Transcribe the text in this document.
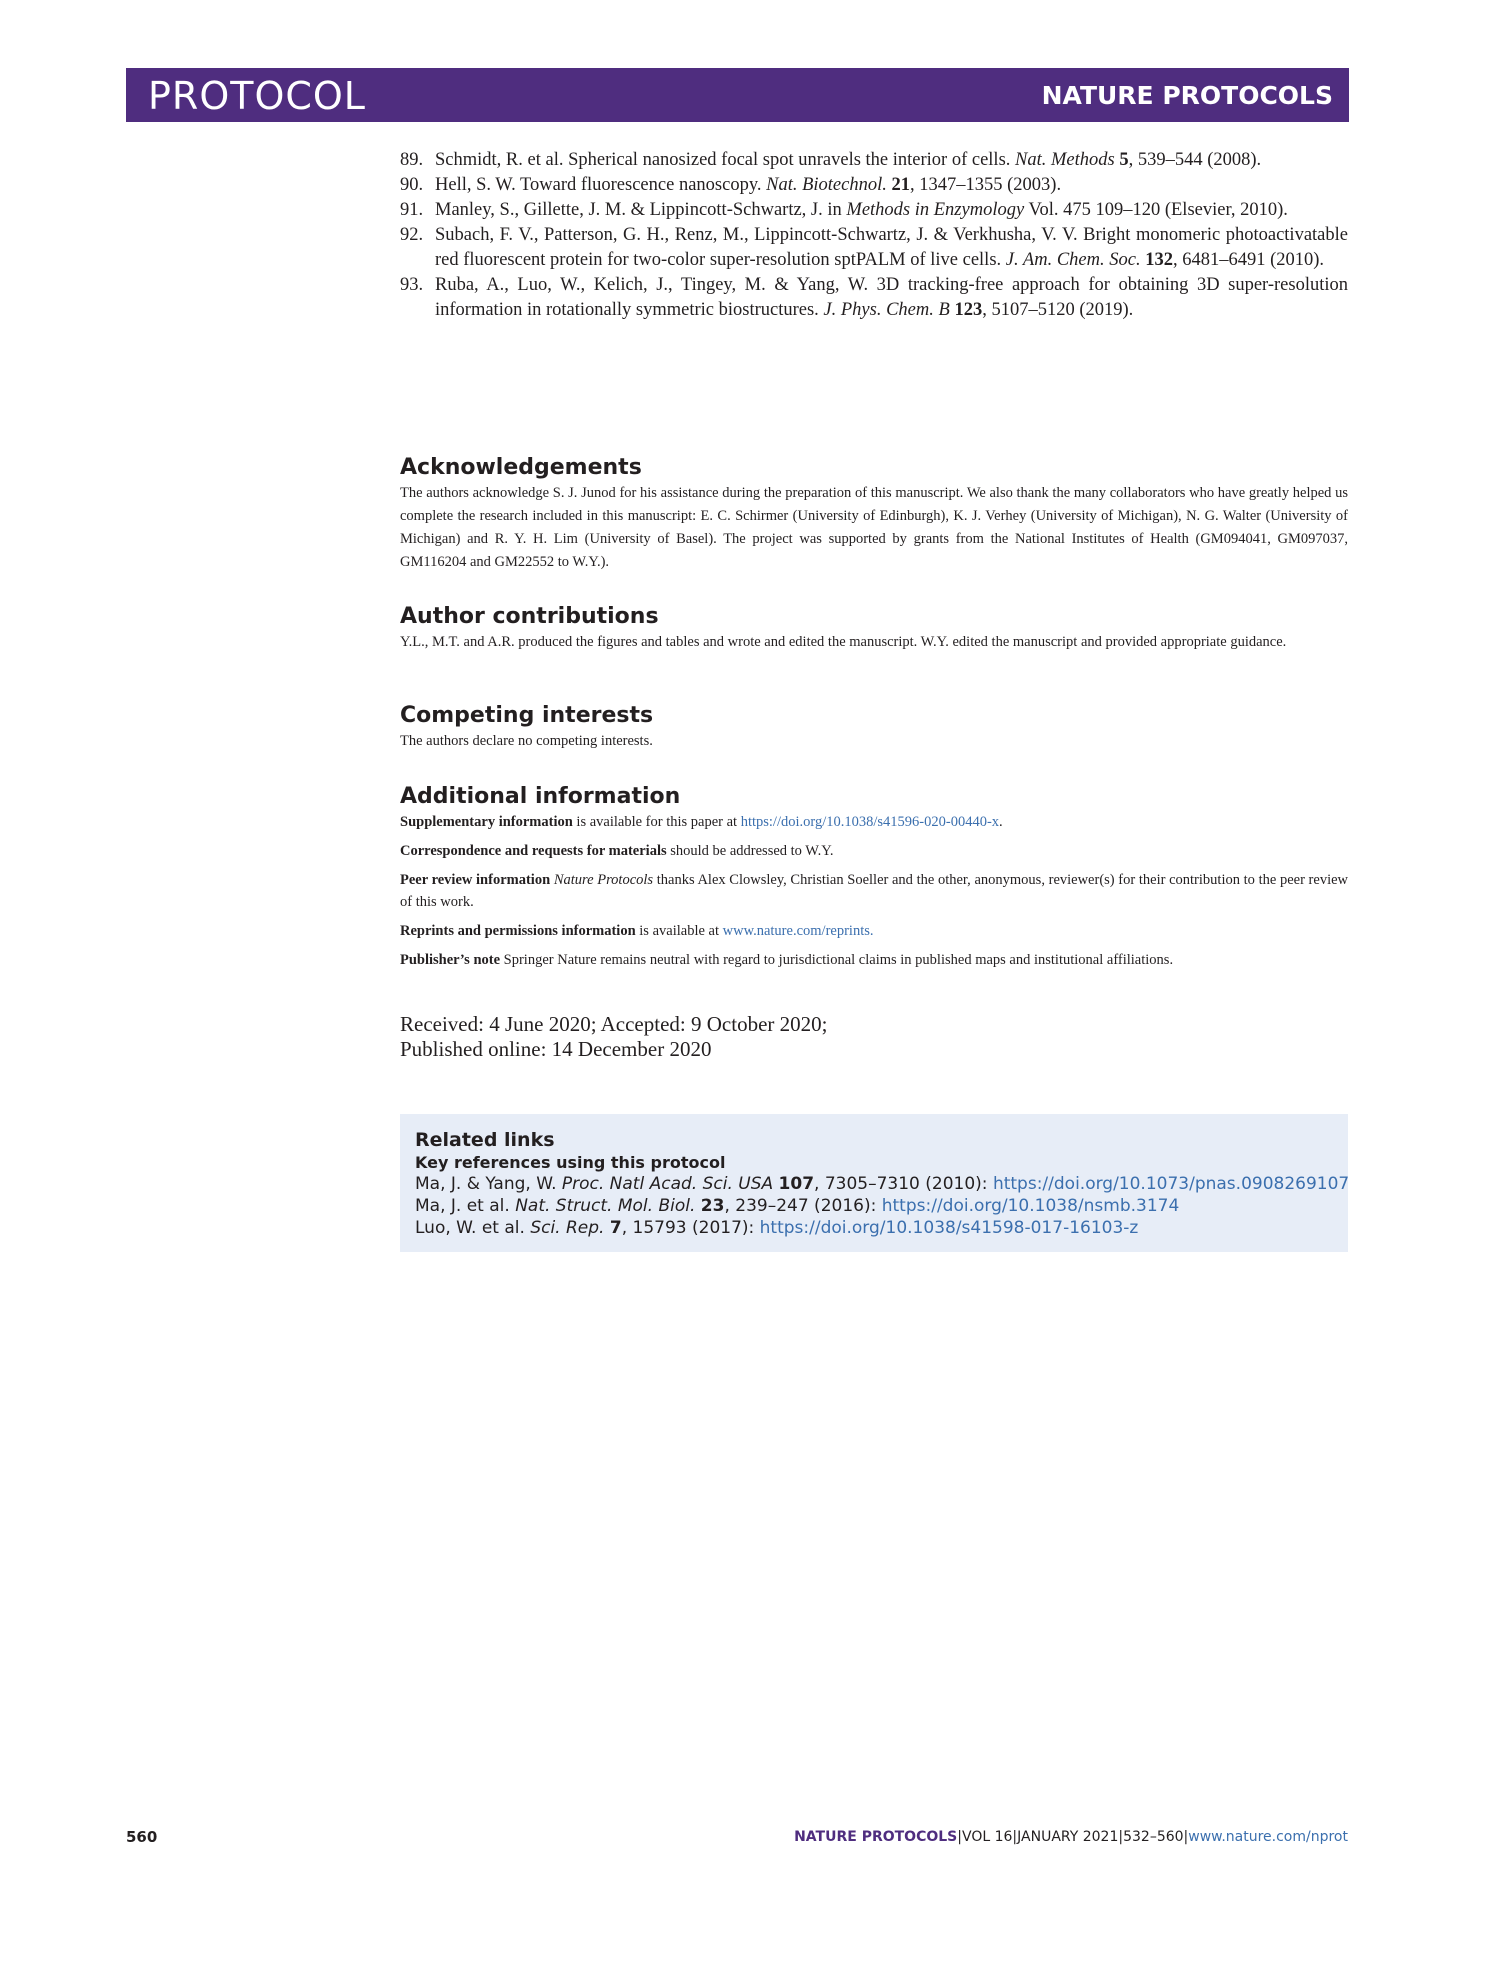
PROTOCOL	NATURE PROTOCOLS
89. Schmidt, R. et al. Spherical nanosized focal spot unravels the interior of cells. Nat. Methods 5, 539–544 (2008).
90. Hell, S. W. Toward fluorescence nanoscopy. Nat. Biotechnol. 21, 1347–1355 (2003).
91. Manley, S., Gillette, J. M. & Lippincott-Schwartz, J. in Methods in Enzymology Vol. 475 109–120 (Elsevier, 2010).
92. Subach, F. V., Patterson, G. H., Renz, M., Lippincott-Schwartz, J. & Verkhusha, V. V. Bright monomeric photoactivatable red fluorescent protein for two-color super-resolution sptPALM of live cells. J. Am. Chem. Soc. 132, 6481–6491 (2010).
93. Ruba, A., Luo, W., Kelich, J., Tingey, M. & Yang, W. 3D tracking-free approach for obtaining 3D super-resolution information in rotationally symmetric biostructures. J. Phys. Chem. B 123, 5107–5120 (2019).
Acknowledgements

The authors acknowledge S. J. Junod for his assistance during the preparation of this manuscript. We also thank the many collaborators who have greatly helped us complete the research included in this manuscript: E. C. Schirmer (University of Edinburgh), K. J. Verhey (University of Michigan), N. G. Walter (University of Michigan) and R. Y. H. Lim (University of Basel). The project was supported by grants from the National Institutes of Health (GM094041, GM097037, GM116204 and GM22552 to W.Y.).

Author contributions

Y.L., M.T. and A.R. produced the figures and tables and wrote and edited the manuscript. W.Y. edited the manuscript and provided appropriate guidance.

Competing interests

The authors declare no competing interests.

Additional information

Supplementary information is available for this paper at https://doi.org/10.1038/s41596-020-00440-x.

Correspondence and requests for materials should be addressed to W.Y.

Peer review information Nature Protocols thanks Alex Clowsley, Christian Soeller and the other, anonymous, reviewer(s) for their contribution to the peer review of this work.

Reprints and permissions information is available at www.nature.com/reprints.

Publisher’s note Springer Nature remains neutral with regard to jurisdictional claims in published maps and institutional affiliations.

Received: 4 June 2020; Accepted: 9 October 2020;
Published online: 14 December 2020
Related links
Key references using this protocol
Ma, J. & Yang, W. Proc. Natl Acad. Sci. USA 107, 7305–7310 (2010): https://doi.org/10.1073/pnas.0908269107
Ma, J. et al. Nat. Struct. Mol. Biol. 23, 239–247 (2016): https://doi.org/10.1038/nsmb.3174
Luo, W. et al. Sci. Rep. 7, 15793 (2017): https://doi.org/10.1038/s41598-017-16103-z
560	NATURE PROTOCOLS|VOL 16|JANUARY 2021|532–560|www.nature.com/nprot
